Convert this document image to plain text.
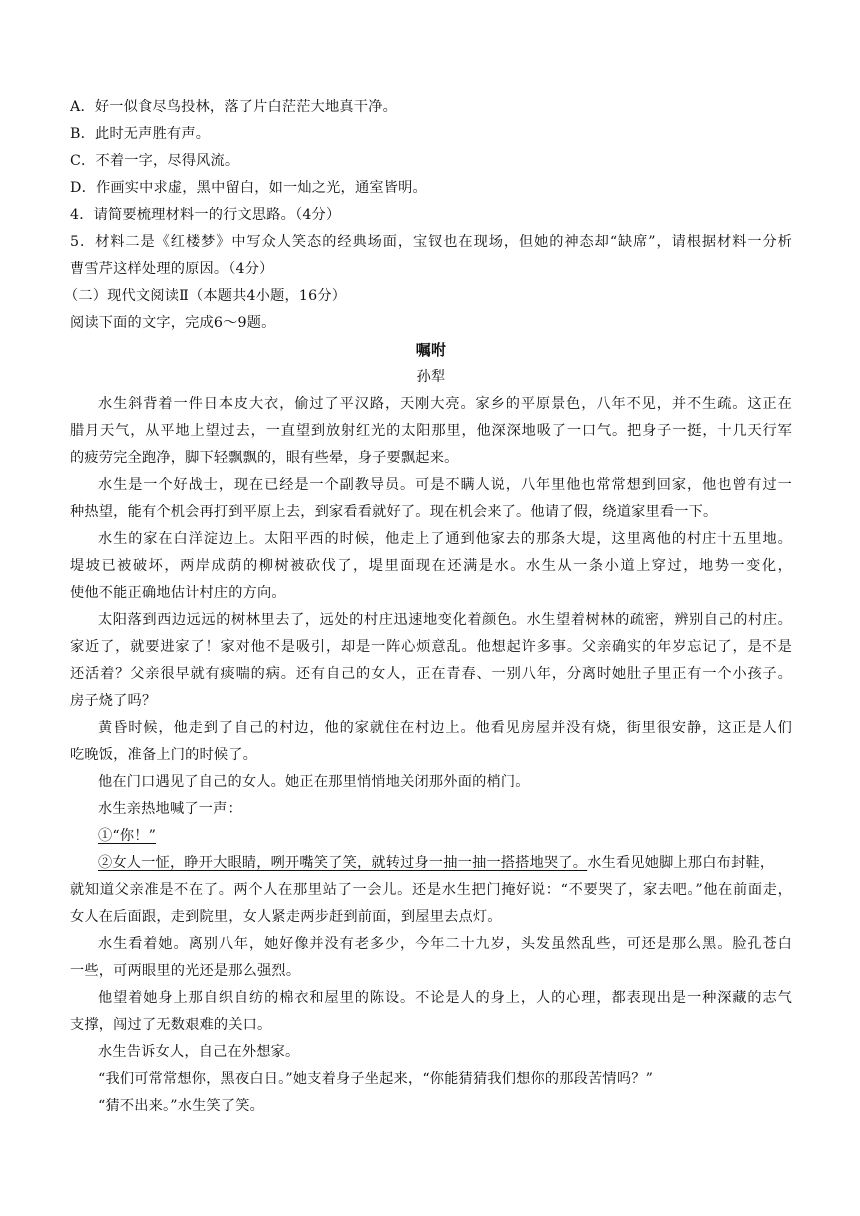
A．好一似食尽鸟投林，落了片白茫茫大地真干净。
B．此时无声胜有声。
C．不着一字，尽得风流。
D．作画实中求虚，黑中留白，如一灿之光，通室皆明。
4．请简要梳理材料一的行文思路。（4分）
5．材料二是《红楼梦》中写众人笑态的经典场面，宝钗也在现场，但她的神态却“缺席”，请根据材料一分析
曹雪芹这样处理的原因。（4分）
（二）现代文阅读Ⅱ（本题共4小题，16分）
阅读下面的文字，完成6～9题。
嘱咐
孙犁
水生斜背着一件日本皮大衣，偷过了平汉路，天刚大亮。家乡的平原景色，八年不见，并不生疏。这正在
腊月天气，从平地上望过去，一直望到放射红光的太阳那里，他深深地吸了一口气。把身子一挺，十几天行军
的疲劳完全跑净，脚下轻飘飘的，眼有些晕，身子要飘起来。
水生是一个好战士，现在已经是一个副教导员。可是不瞒人说，八年里他也常常想到回家，他也曾有过一
种热望，能有个机会再打到平原上去，到家看看就好了。现在机会来了。他请了假，绕道家里看一下。
水生的家在白洋淀边上。太阳平西的时候，他走上了通到他家去的那条大堤，这里离他的村庄十五里地。
堤坡已被破坏，两岸成荫的柳树被砍伐了，堤里面现在还满是水。水生从一条小道上穿过，地势一变化，
使他不能正确地估计村庄的方向。
太阳落到西边远远的树林里去了，远处的村庄迅速地变化着颜色。水生望着树林的疏密，辨别自己的村庄。
家近了，就要进家了！家对他不是吸引，却是一阵心烦意乱。他想起许多事。父亲确实的年岁忘记了，是不是
还活着？父亲很早就有痰喘的病。还有自己的女人，正在青春、一别八年，分离时她肚子里正有一个小孩子。
房子烧了吗？
黄昏时候，他走到了自己的村边，他的家就住在村边上。他看见房屋并没有烧，街里很安静，这正是人们
吃晚饭，准备上门的时候了。
他在门口遇见了自己的女人。她正在那里悄悄地关闭那外面的梢门。
水生亲热地喊了一声：
①“你！”
②女人一怔，睁开大眼睛，咧开嘴笑了笑，就转过身一抽一抽一搭搭地哭了。水生看见她脚上那白布封鞋，
就知道父亲准是不在了。两个人在那里站了一会儿。还是水生把门掩好说：“不要哭了，家去吧。”他在前面走，
女人在后面跟，走到院里，女人紧走两步赶到前面，到屋里去点灯。
水生看着她。离别八年，她好像并没有老多少，今年二十九岁，头发虽然乱些，可还是那么黑。脸孔苍白
一些，可两眼里的光还是那么强烈。
他望着她身上那自织自纺的棉衣和屋里的陈设。不论是人的身上，人的心理，都表现出是一种深藏的志气
支撑，闯过了无数艰难的关口。
水生告诉女人，自己在外想家。
“我们可常常想你，黑夜白日。”她支着身子坐起来，“你能猜猜我们想你的那段苦情吗？”
“猜不出来。”水生笑了笑。
